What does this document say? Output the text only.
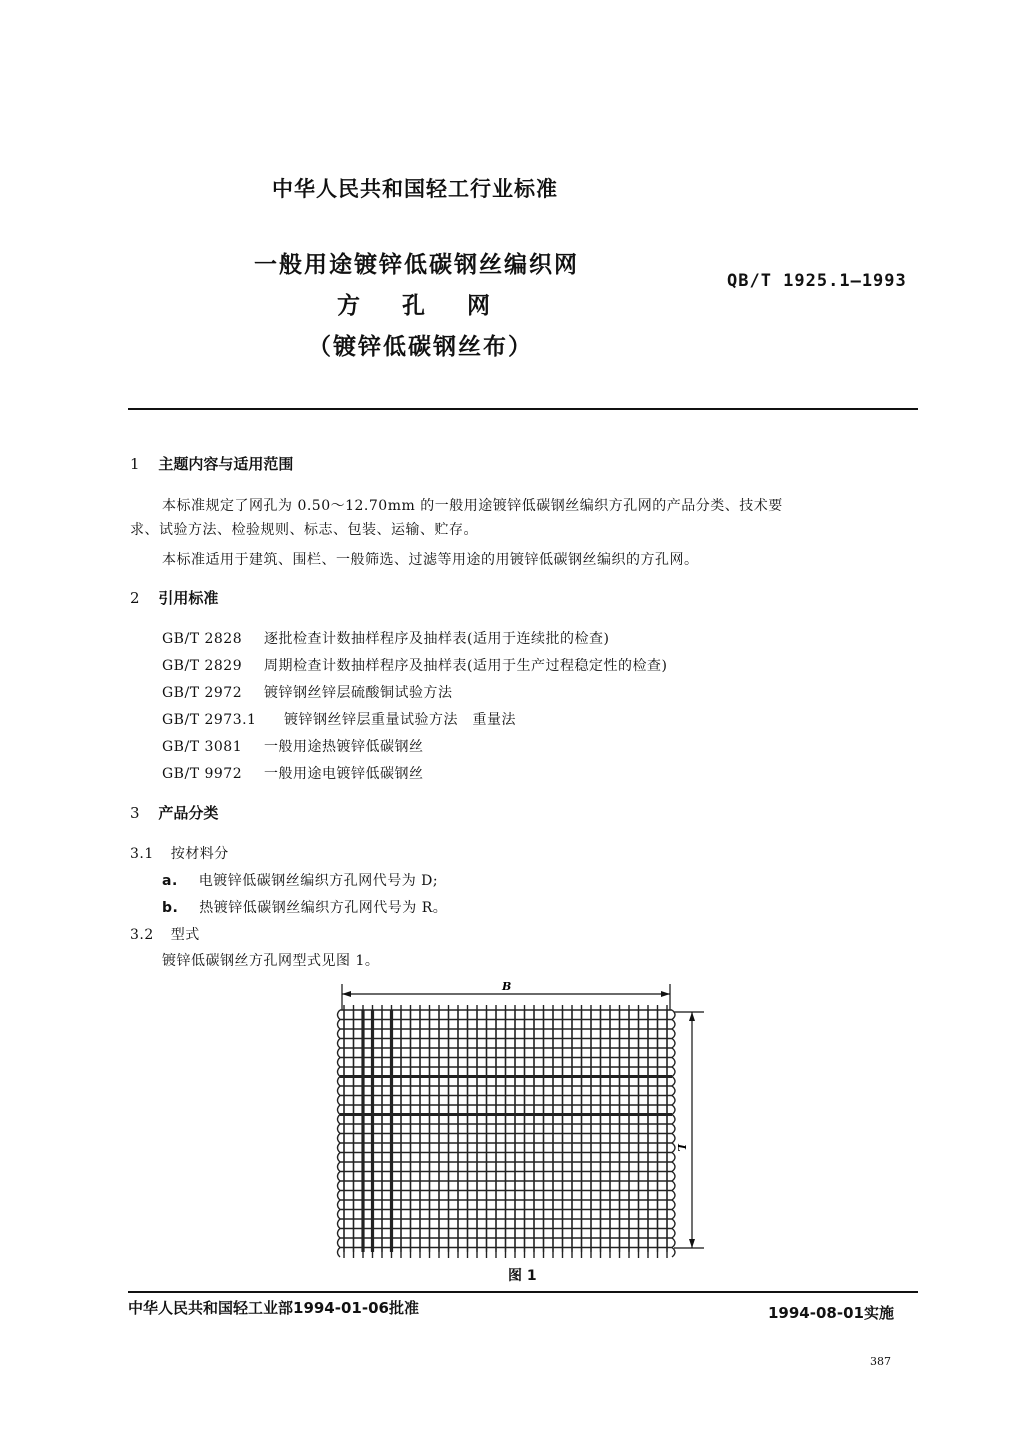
中华人民共和国轻工行业标准
一般用途镀锌低碳钢丝编织网
方孔网
（镀锌低碳钢丝布）
QB/T 1925.1—1993
1 主题内容与适用范围
本标准规定了网孔为 0.50～12.70mm 的一般用途镀锌低碳钢丝编织方孔网的产品分类、技术要
求、试验方法、检验规则、标志、包装、运输、贮存。
本标准适用于建筑、围栏、一般筛选、过滤等用途的用镀锌低碳钢丝编织的方孔网。
2 引用标准
GB/T 2828 逐批检查计数抽样程序及抽样表(适用于连续批的检查)
GB/T 2829 周期检查计数抽样程序及抽样表(适用于生产过程稳定性的检查)
GB/T 2972 镀锌钢丝锌层硫酸铜试验方法
GB/T 2973.1 镀锌钢丝锌层重量试验方法　重量法
GB/T 3081 一般用途热镀锌低碳钢丝
GB/T 9972 一般用途电镀锌低碳钢丝
3 产品分类
3.1 按材料分
a. 电镀锌低碳钢丝编织方孔网代号为 D;
b. 热镀锌低碳钢丝编织方孔网代号为 R。
3.2 型式
镀锌低碳钢丝方孔网型式见图 1。
B
L
图 1
中华人民共和国轻工业部1994-01-06批准	1994-08-01实施
387
